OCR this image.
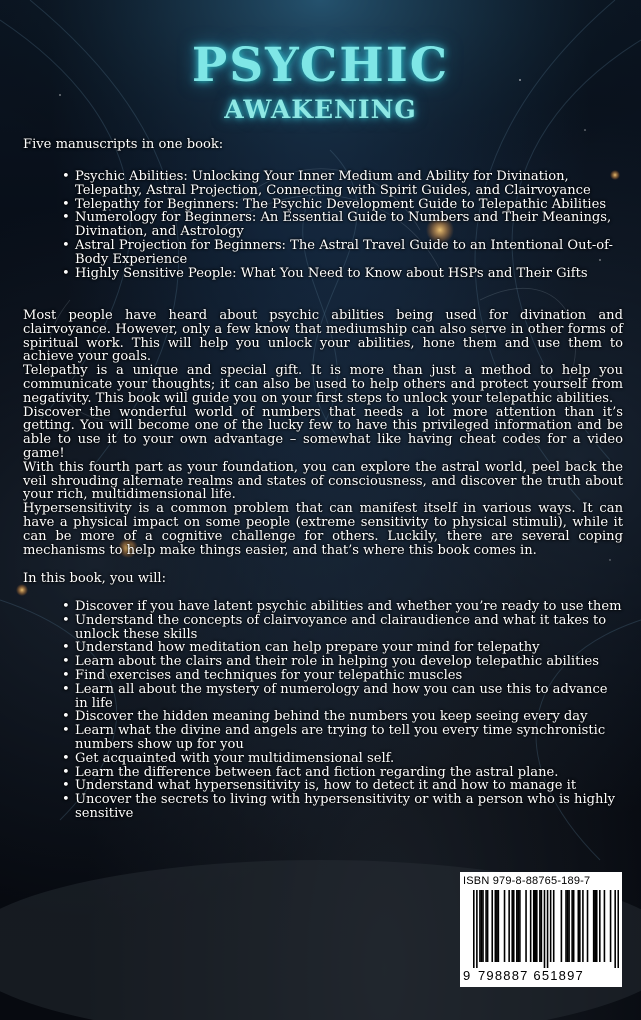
PSYCHIC
AWAKENING
Five manuscripts in one book:
• Psychic Abilities: Unlocking Your Inner Medium and Ability for Divination, Telepathy, Astral Projection, Connecting with Spirit Guides, and Clairvoyance
• Telepathy for Beginners: The Psychic Development Guide to Telepathic Abilities
• Numerology for Beginners: An Essential Guide to Numbers and Their Meanings, Divination, and Astrology
• Astral Projection for Beginners: The Astral Travel Guide to an Intentional Out-of-Body Experience
• Highly Sensitive People: What You Need to Know about HSPs and Their Gifts

Most people have heard about psychic abilities being used for divination and clairvoyance. However, only a few know that mediumship can also serve in other forms of spiritual work. This will help you unlock your abilities, hone them and use them to achieve your goals.

Telepathy is a unique and special gift. It is more than just a method to help you communicate your thoughts; it can also be used to help others and protect yourself from negativity. This book will guide you on your first steps to unlock your telepathic abilities.

Discover the wonderful world of numbers that needs a lot more attention than it’s getting. You will become one of the lucky few to have this privileged information and be able to use it to your own advantage – somewhat like having cheat codes for a video game!

With this fourth part as your foundation, you can explore the astral world, peel back the veil shrouding alternate realms and states of consciousness, and discover the truth about your rich, multidimensional life.

Hypersensitivity is a common problem that can manifest itself in various ways. It can have a physical impact on some people (extreme sensitivity to physical stimuli), while it can be more of a cognitive challenge for others. Luckily, there are several coping mechanisms to help make things easier, and that’s where this book comes in.

In this book, you will:
• Discover if you have latent psychic abilities and whether you’re ready to use them
• Understand the concepts of clairvoyance and clairaudience and what it takes to unlock these skills
• Understand how meditation can help prepare your mind for telepathy
• Learn about the clairs and their role in helping you develop telepathic abilities
• Find exercises and techniques for your telepathic muscles
• Learn all about the mystery of numerology and how you can use this to advance in life
• Discover the hidden meaning behind the numbers you keep seeing every day
• Learn what the divine and angels are trying to tell you every time synchronistic numbers show up for you
• Get acquainted with your multidimensional self.
• Learn the difference between fact and fiction regarding the astral plane.
• Understand what hypersensitivity is, how to detect it and how to manage it
• Uncover the secrets to living with hypersensitivity or with a person who is highly sensitive
ISBN 979-8-88765-189-7
9 798887 651897
